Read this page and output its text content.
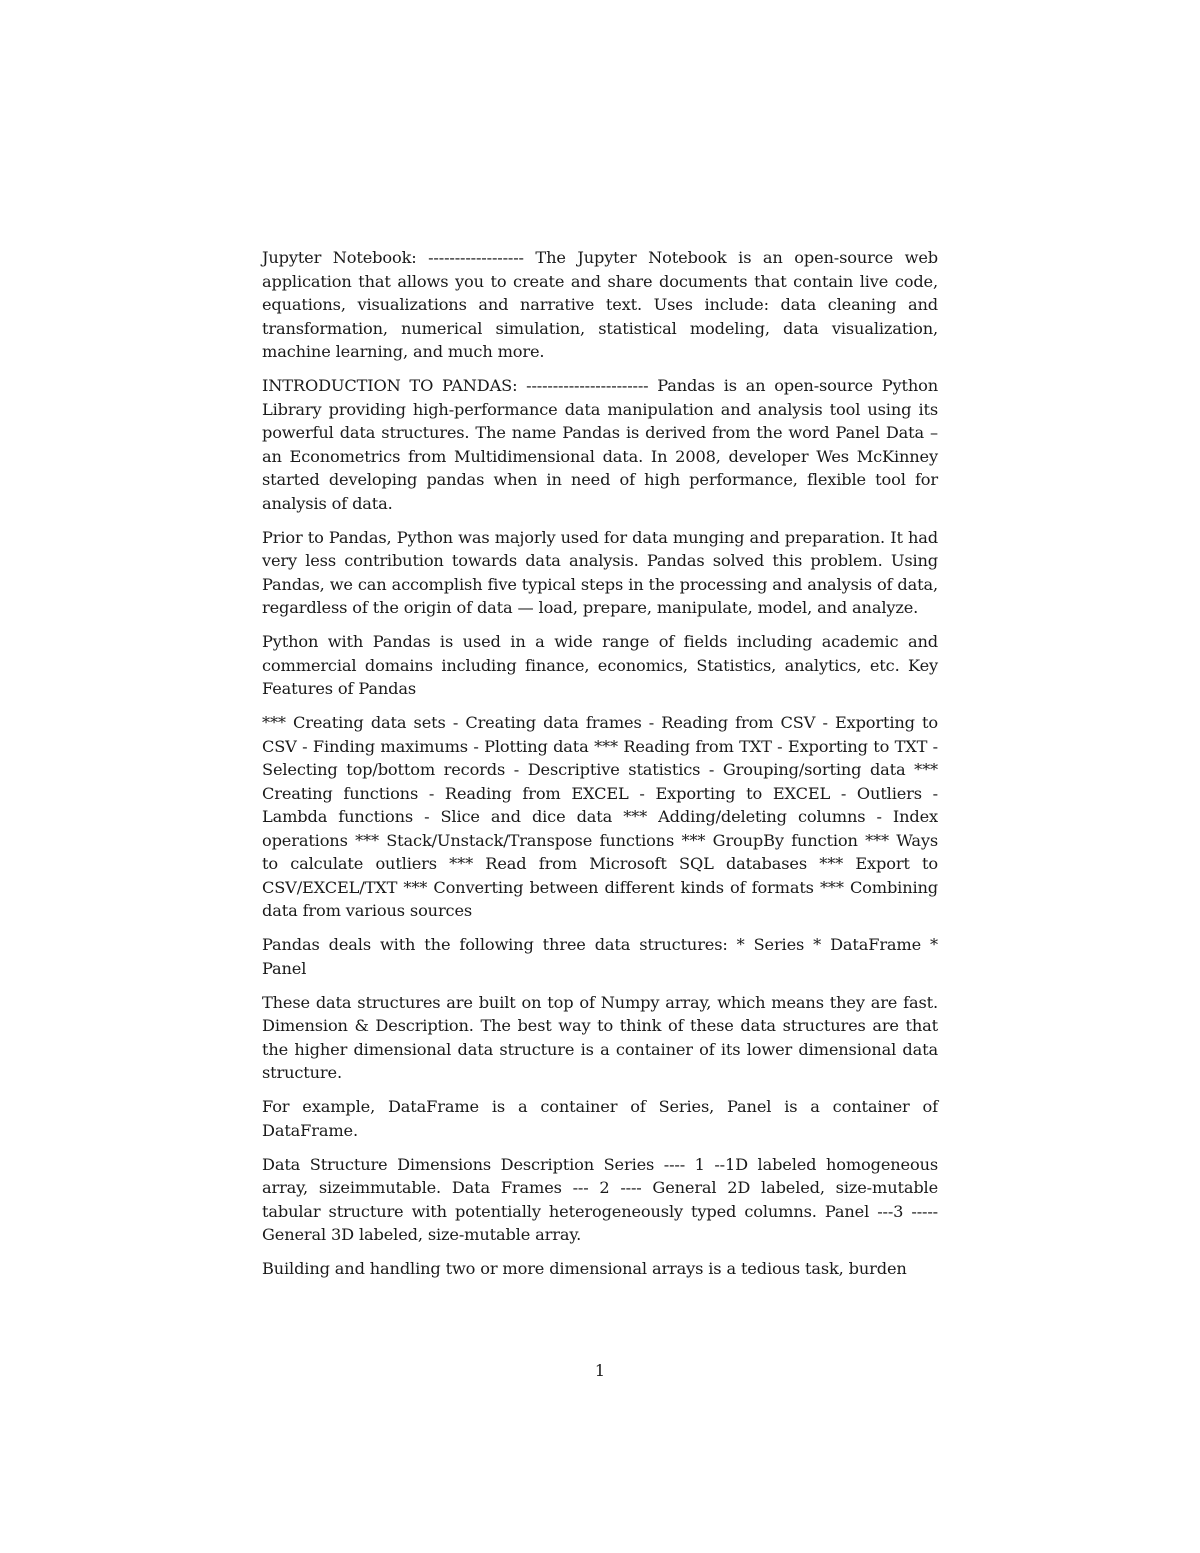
Jupyter Notebook: ------------------ The Jupyter Notebook is an open-source web application that allows you to create and share documents that contain live code, equations, visualizations and narrative text. Uses include: data cleaning and transformation, numerical simulation, statistical modeling, data visualization, machine learning, and much more.

INTRODUCTION TO PANDAS: ----------------------- Pandas is an open-source Python Library providing high-performance data manipulation and analysis tool using its powerful data structures. The name Pandas is derived from the word Panel Data – an Econometrics from Multidimensional data. In 2008, developer Wes McKinney started developing pandas when in need of high performance, flexible tool for analysis of data.

Prior to Pandas, Python was majorly used for data munging and preparation. It had very less contribution towards data analysis. Pandas solved this problem. Using Pandas, we can accomplish five typical steps in the processing and analysis of data, regardless of the origin of data — load, prepare, manipulate, model, and analyze.

Python with Pandas is used in a wide range of fields including academic and commercial domains including finance, economics, Statistics, analytics, etc. Key Features of Pandas

*** Creating data sets - Creating data frames - Reading from CSV - Exporting to CSV - Finding maximums - Plotting data *** Reading from TXT - Exporting to TXT - Selecting top/bottom records - Descriptive statistics - Grouping/sorting data *** Creating functions - Reading from EXCEL - Exporting to EXCEL - Outliers - Lambda functions - Slice and dice data *** Adding/deleting columns - Index operations *** Stack/Unstack/Transpose functions *** GroupBy function *** Ways to calculate outliers *** Read from Microsoft SQL databases *** Export to CSV/EXCEL/TXT *** Converting between different kinds of formats *** Combining data from various sources

Pandas deals with the following three data structures: * Series * DataFrame * Panel

These data structures are built on top of Numpy array, which means they are fast. Dimension & Description. The best way to think of these data structures are that the higher dimensional data structure is a container of its lower dimensional data structure.

For example, DataFrame is a container of Series, Panel is a container of DataFrame.

Data Structure Dimensions Description Series ---- 1 --1D labeled homogeneous array, sizeimmutable. Data Frames --- 2 ---- General 2D labeled, size-mutable tabular structure with potentially heterogeneously typed columns. Panel ---3 -----General 3D labeled, size-mutable array.

Building and handling two or more dimensional arrays is a tedious task, burden

1
